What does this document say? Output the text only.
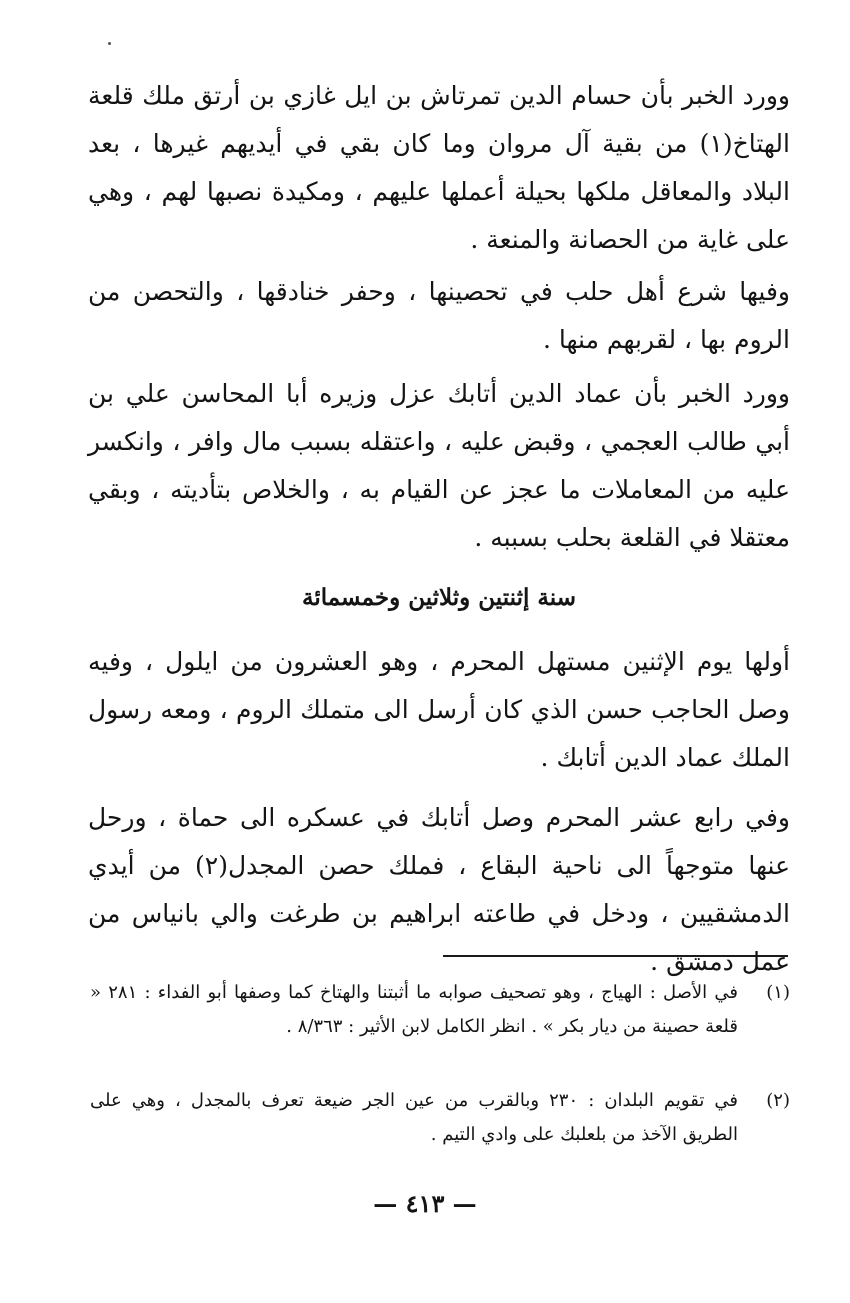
وورد الخبر بأن حسام الدين تمرتاش بن ايل غازي بن أرتق ملك قلعة الهتاخ(١) من بقية آل مروان وما كان بقي في أيديهم غيرها ، بعد البلاد والمعاقل ملكها بحيلة أعملها عليهم ، ومكيدة نصبها لهم ، وهي على غاية من الحصانة والمنعة .

وفيها شرع أهل حلب في تحصينها ، وحفر خنادقها ، والتحصن من الروم بها ، لقربهم منها .

وورد الخبر بأن عماد الدين أتابك عزل وزيره أبا المحاسن علي بن أبي طالب العجمي ، وقبض عليه ، واعتقله بسبب مال وافر ، وانكسر عليه من المعاملات ما عجز عن القيام به ، والخلاص بتأديته ، وبقي معتقلا في القلعة بحلب بسببه .

سنة إثنتين وثلاثين وخمسمائة

أولها يوم الإثنين مستهل المحرم ، وهو العشرون من ايلول ، وفيه وصل الحاجب حسن الذي كان أرسل الى متملك الروم ، ومعه رسول الملك عماد الدين أتابك .

وفي رابع عشر المحرم وصل أتابك في عسكره الى حماة ، ورحل عنها متوجهاً الى ناحية البقاع ، فملك حصن المجدل(٢) من أيدي الدمشقيين ، ودخل في طاعته ابراهيم بن طرغت والي بانياس من عمل دمشق .

(١)
في الأصل : الهياج ، وهو تصحيف صوابه ما أثبتنا والهتاخ كما وصفها أبو الفداء : ٢٨١ « قلعة حصينة من ديار بكر » . انظر الكامل لابن الأثير : ٨/٣٦٣ .
(٢)
في تقويم البلدان : ٢٣٠ وبالقرب من عين الجر ضيعة تعرف بالمجدل ، وهي على الطريق الآخذ من بلعلبك على وادي التيم .
— ٤١٣ —
